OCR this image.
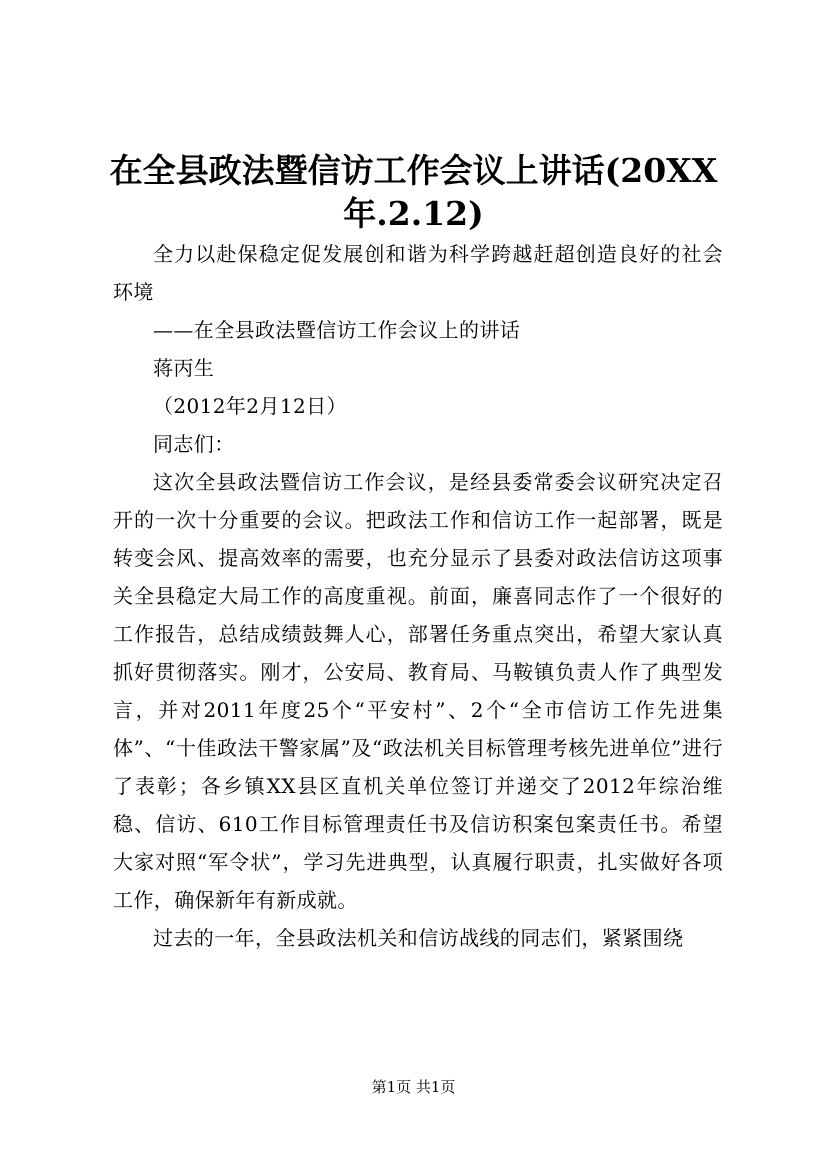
在全县政法暨信访工作会议上讲话(20XX
年.2.12)

全力以赴保稳定促发展创和谐为科学跨越赶超创造良好的社会环境

——在全县政法暨信访工作会议上的讲话

蒋丙生

（2012年2月12日）

同志们：

这次全县政法暨信访工作会议，是经县委常委会议研究决定召开的一次十分重要的会议。把政法工作和信访工作一起部署，既是转变会风、提高效率的需要，也充分显示了县委对政法信访这项事关全县稳定大局工作的高度重视。前面，廉喜同志作了一个很好的工作报告，总结成绩鼓舞人心，部署任务重点突出，希望大家认真抓好贯彻落实。刚才，公安局、教育局、马鞍镇负责人作了典型发言，并对2011年度25个“平安村”、2个“全市信访工作先进集体”、“十佳政法干警家属”及“政法机关目标管理考核先进单位”进行了表彰；各乡镇XX县区直机关单位签订并递交了2012年综治维稳、信访、610工作目标管理责任书及信访积案包案责任书。希望大家对照“军令状”，学习先进典型，认真履行职责，扎实做好各项工作，确保新年有新成就。

过去的一年，全县政法机关和信访战线的同志们，紧紧围绕

第1页 共1页
